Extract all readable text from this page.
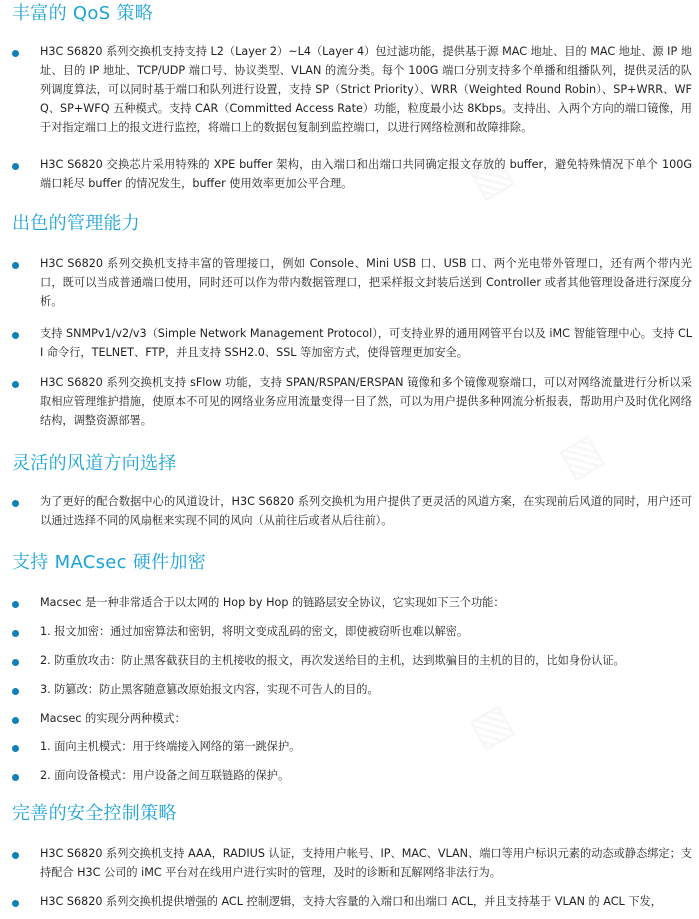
▧
▧
▧
丰富的 QoS 策略

H3C S6820 系列交换机支持支持 L2（Layer 2）~L4（Layer 4）包过滤功能，提供基于源 MAC 地址、目的 MAC 地址、源 IP 地址、目的 IP 地址、TCP/UDP 端口号、协议类型、VLAN 的流分类。每个 100G 端口分别支持多个单播和组播队列，提供灵活的队列调度算法，可以同时基于端口和队列进行设置，支持 SP（Strict Priority）、WRR（Weighted Round Robin）、SP+WRR、WFQ、SP+WFQ 五种模式。支持 CAR（Committed Access Rate）功能，粒度最小达 8Kbps。支持出、入两个方向的端口镜像，用于对指定端口上的报文进行监控，将端口上的数据包复制到监控端口，以进行网络检测和故障排除。

H3C S6820 交换芯片采用特殊的 XPE buffer 架构，由入端口和出端口共同确定报文存放的 buffer，避免特殊情况下单个 100G 端口耗尽 buffer 的情况发生，buffer 使用效率更加公平合理。

出色的管理能力

H3C S6820 系列交换机支持丰富的管理接口，例如 Console、Mini USB 口、USB 口、两个光电带外管理口，还有两个带内光口，既可以当成普通端口使用，同时还可以作为带内数据管理口，把采样报文封装后送到 Controller 或者其他管理设备进行深度分析。

支持 SNMPv1/v2/v3（Simple Network Management Protocol），可支持业界的通用网管平台以及 iMC 智能管理中心。支持 CLI 命令行，TELNET、FTP，并且支持 SSH2.0、SSL 等加密方式，使得管理更加安全。

H3C S6820 系列交换机支持 sFlow 功能，支持 SPAN/RSPAN/ERSPAN 镜像和多个镜像观察端口，可以对网络流量进行分析以采取相应管理维护措施，使原本不可见的网络业务应用流量变得一目了然，可以为用户提供多种网流分析报表，帮助用户及时优化网络结构，调整资源部署。

灵活的风道方向选择

为了更好的配合数据中心的风道设计，H3C S6820 系列交换机为用户提供了更灵活的风道方案，在实现前后风道的同时，用户还可以通过选择不同的风扇框来实现不同的风向（从前往后或者从后往前）。

支持 MACsec 硬件加密

Macsec 是一种非常适合于以太网的 Hop by Hop 的链路层安全协议，它实现如下三个功能：

1. 报文加密：通过加密算法和密钥，将明文变成乱码的密文，即使被窃听也难以解密。

2. 防重放攻击：防止黑客截获目的主机接收的报文，再次发送给目的主机，达到欺骗目的主机的目的，比如身份认证。

3. 防篡改：防止黑客随意篡改原始报文内容，实现不可告人的目的。

Macsec 的实现分两种模式：

1. 面向主机模式：用于终端接入网络的第一跳保护。

2. 面向设备模式：用户设备之间互联链路的保护。

完善的安全控制策略

H3C S6820 系列交换机支持 AAA，RADIUS 认证，支持用户帐号、IP、MAC、VLAN、端口等用户标识元素的动态或静态绑定；支持配合 H3C 公司的 iMC 平台对在线用户进行实时的管理，及时的诊断和瓦解网络非法行为。

H3C S6820 系列交换机提供增强的 ACL 控制逻辑，支持大容量的入端口和出端口 ACL，并且支持基于 VLAN 的 ACL 下发，
